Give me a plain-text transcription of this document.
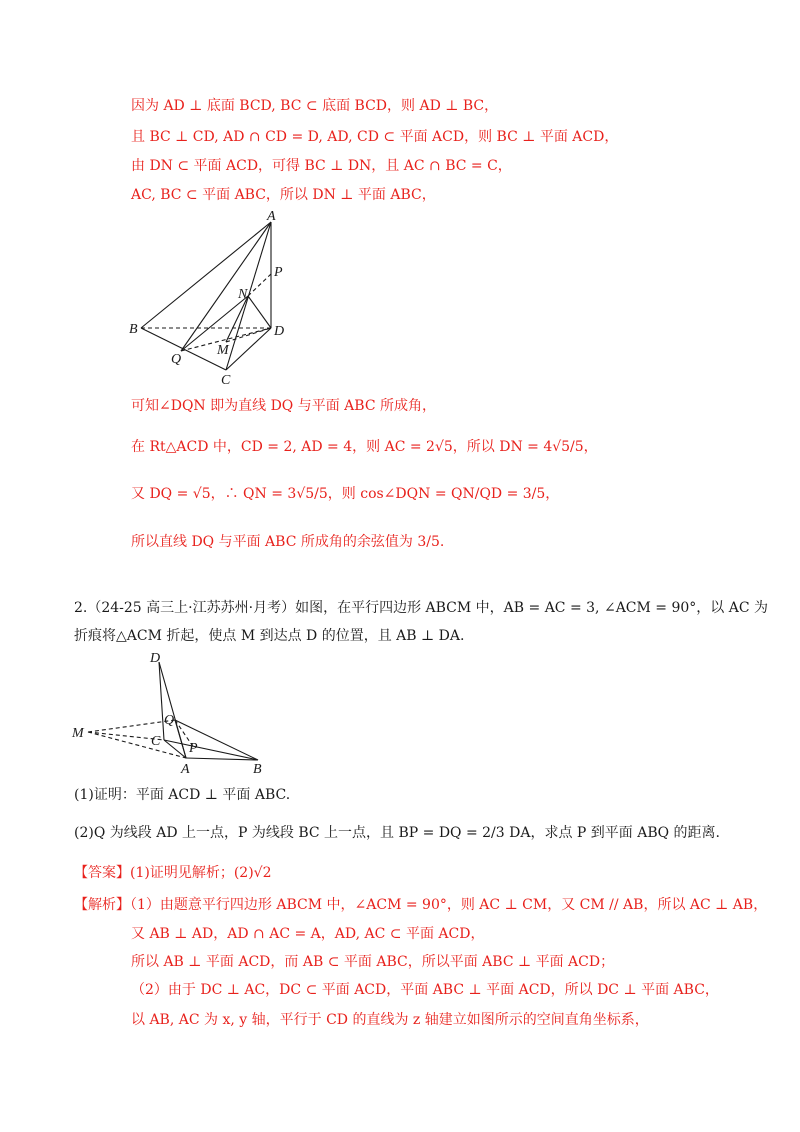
因为 AD ⊥ 底面 BCD, BC ⊂ 底面 BCD，则 AD ⊥ BC，
且 BC ⊥ CD, AD ∩ CD = D, AD, CD ⊂ 平面 ACD，则 BC ⊥ 平面 ACD，
由 DN ⊂ 平面 ACD，可得 BC ⊥ DN，且 AC ∩ BC = C，
AC, BC ⊂ 平面 ABC，所以 DN ⊥ 平面 ABC，
A
B
C
D
N
P
Q
M
可知∠DQN 即为直线 DQ 与平面 ABC 所成角，
在 Rt△ACD 中，CD = 2, AD = 4，则 AC = 2√5，所以 DN = 4√5/5，
又 DQ = √5，∴ QN = 3√5/5，则 cos∠DQN = QN/QD = 3/5，
所以直线 DQ 与平面 ABC 所成角的余弦值为 3/5.
2.（24-25 高三上·江苏苏州·月考）如图，在平行四边形 ABCM 中，AB = AC = 3, ∠ACM = 90°，以 AC 为
折痕将△ACM 折起，使点 M 到达点 D 的位置，且 AB ⊥ DA.
D
M
Q
C P
A	B
(1)证明：平面 ACD ⊥ 平面 ABC.
(2)Q 为线段 AD 上一点，P 为线段 BC 上一点，且 BP = DQ = 2/3 DA，求点 P 到平面 ABQ 的距离.
【答案】(1)证明见解析；(2)√2
【解析】（1）由题意平行四边形 ABCM 中，∠ACM = 90°，则 AC ⊥ CM，又 CM // AB，所以 AC ⊥ AB，
又 AB ⊥ AD，AD ∩ AC = A，AD, AC ⊂ 平面 ACD，
所以 AB ⊥ 平面 ACD，而 AB ⊂ 平面 ABC，所以平面 ABC ⊥ 平面 ACD；
（2）由于 DC ⊥ AC，DC ⊂ 平面 ACD，平面 ABC ⊥ 平面 ACD，所以 DC ⊥ 平面 ABC，
以 AB, AC 为 x, y 轴，平行于 CD 的直线为 z 轴建立如图所示的空间直角坐标系，
